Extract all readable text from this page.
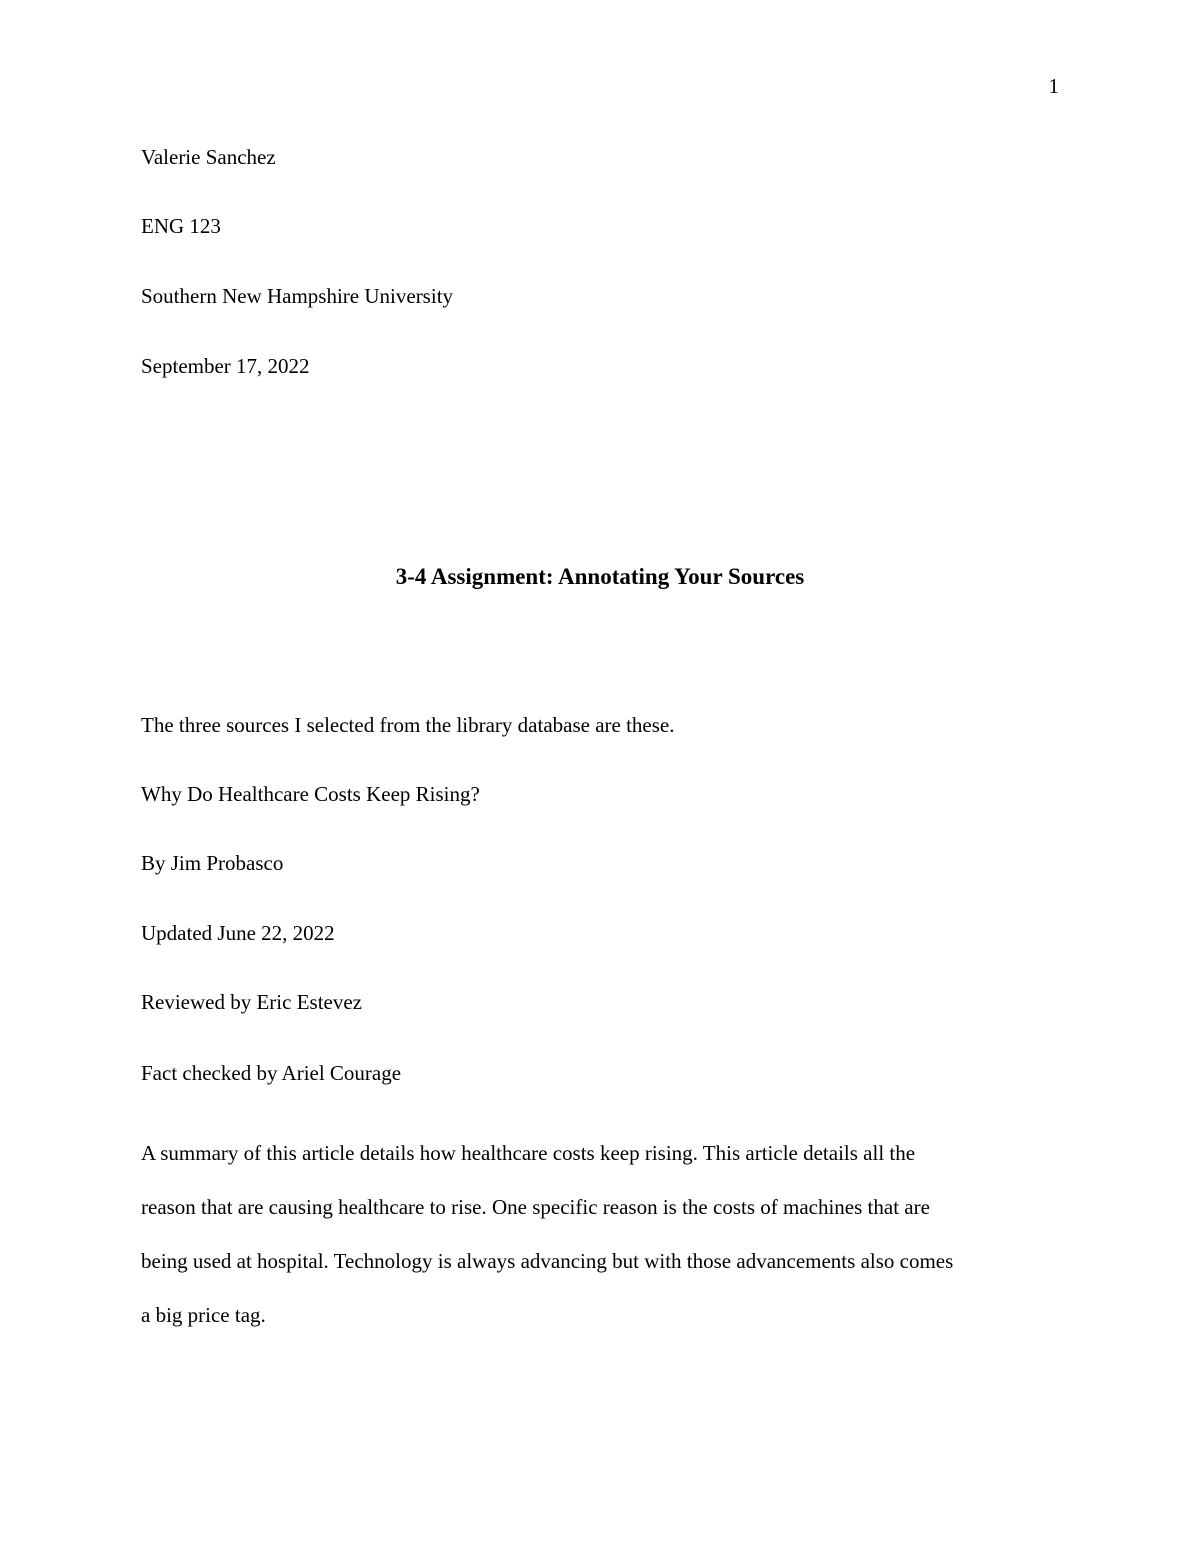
1
Valerie Sanchez
ENG 123
Southern New Hampshire University
September 17, 2022
3-4 Assignment: Annotating Your Sources
The three sources I selected from the library database are these.
Why Do Healthcare Costs Keep Rising?
By Jim Probasco
Updated June 22, 2022
Reviewed by Eric Estevez
Fact checked by Ariel Courage
A summary of this article details how healthcare costs keep rising. This article details all the
reason that are causing healthcare to rise. One specific reason is the costs of machines that are
being used at hospital. Technology is always advancing but with those advancements also comes
a big price tag.
